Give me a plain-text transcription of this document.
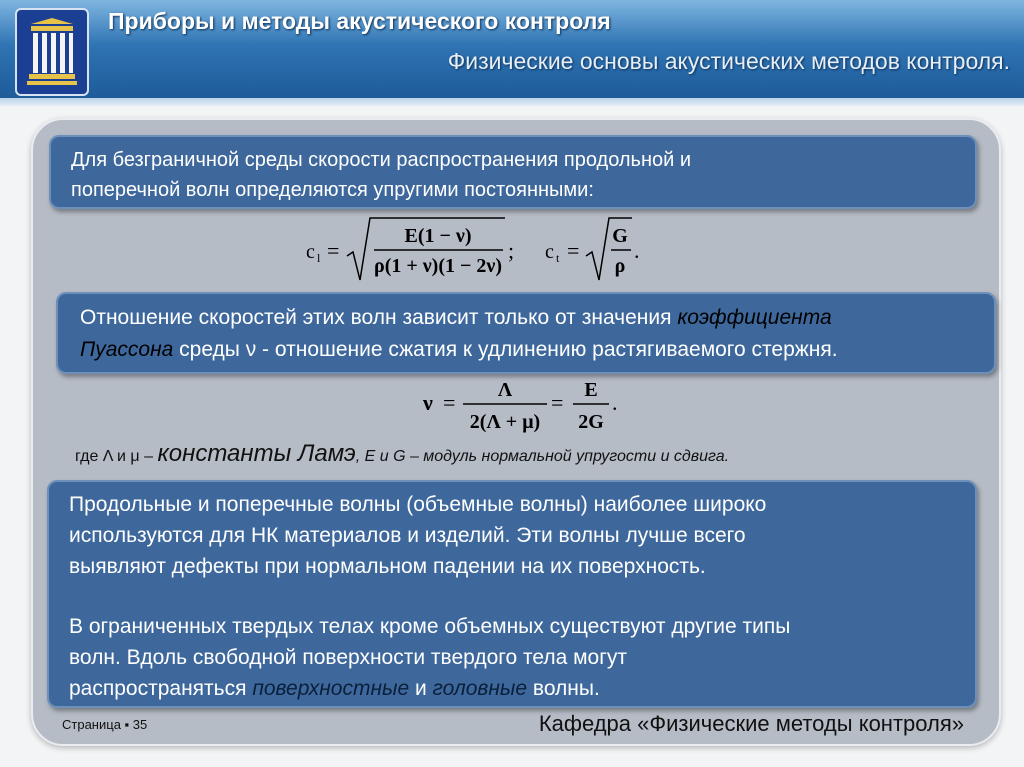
Приборы и методы акустического контроля
Физические основы акустических методов контроля.

Для безграничной среды скорости распространения продольной и

поперечной волн определяются упругими постоянными:

c l =
E(1 − ν)
ρ(1 + ν)(1 − 2ν)
; c t =
G
ρ
.

Отношение скоростей этих волн зависит только от значения коэффициента

Пуассона среды ν - отношение сжатия к удлинению растягиваемого стержня.

ν = Λ
2(Λ + μ)
= E
2G
.
где Λ и μ – константы Ламэ, E и G – модуль нормальной упругости и сдвига.

Продольные и поперечные волны (объемные волны) наиболее широко

используются для НК материалов и изделий. Эти волны лучше всего

выявляют дефекты при нормальном падении на их поверхность.

В ограниченных твердых телах кроме объемных существуют другие типы

волн. Вдоль свободной поверхности твердого тела могут

распространяться поверхностные и головные волны.

Страница ▪ 35	Кафедра «Физические методы контроля»
